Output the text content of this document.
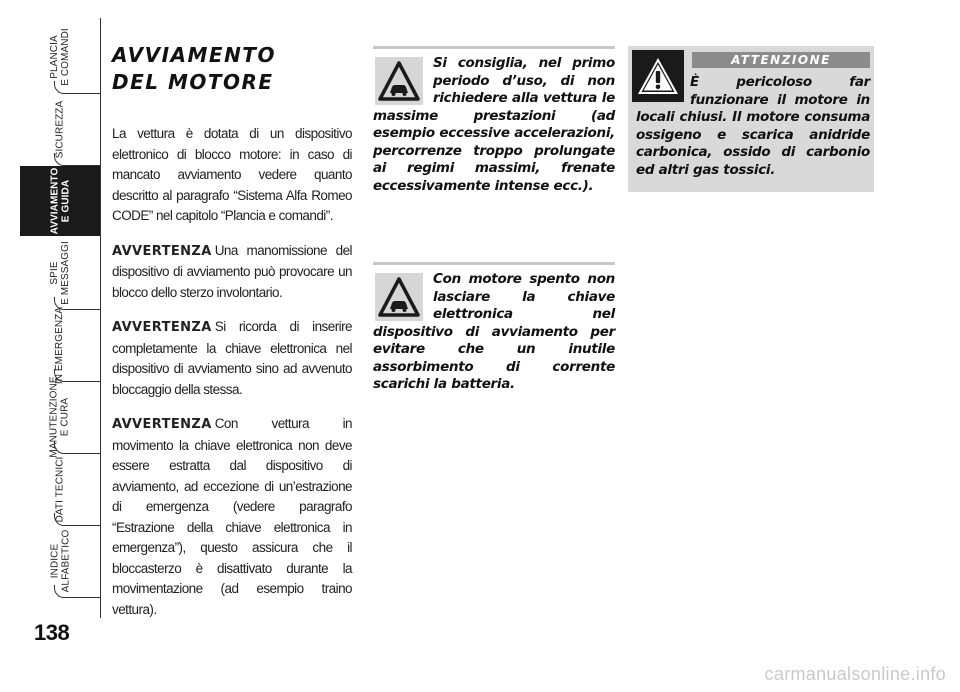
PLANCIA
E COMANDI
SICUREZZA
AVVIAMENTO
E GUIDA
SPIE
E MESSAGGI
IN EMERGENZA
MANUTENZIONE
E CURA
DATI TECNICI
INDICE
ALFABETICO
138
AVVIAMENTO
DEL MOTORE

La vettura è dotata di un dispositivo elettronico di blocco motore: in caso di mancato avviamento vedere quanto descritto al paragrafo “Sistema Alfa Romeo CODE” nel capitolo “Plancia e comandi”.

AVVERTENZA Una manomissione del dispositivo di avviamento può provocare un blocco dello sterzo involontario.

AVVERTENZA Si ricorda di inserire completamente la chiave elettronica nel dispositivo di avviamento sino ad avvenuto bloccaggio della stessa.

AVVERTENZA Con vettura in movimento la chiave elettronica non deve essere estratta dal dispositivo di avviamento, ad eccezione di un’estrazione di emergenza (vedere paragrafo “Estrazione della chiave elettronica in emergenza”), questo assicura che il bloccasterzo è disattivato durante la movimentazione (ad esempio traino vettura).

Si consiglia, nel primo periodo d’uso, di non richiedere alla vettura le massime prestazioni (ad esempio eccessive accelerazioni, percorrenze troppo prolungate ai regimi massimi, frenate eccessivamente intense ecc.).
Con motore spento non lasciare la chiave elettronica nel dispositivo di avviamento per evitare che un inutile assorbimento di corrente scarichi la batteria.
ATTENZIONE
È pericoloso far funzionare il motore in locali chiusi. Il motore consuma ossigeno e scarica anidride carbonica, ossido di carbonio ed altri gas tossici.
carmanualsonline.info
